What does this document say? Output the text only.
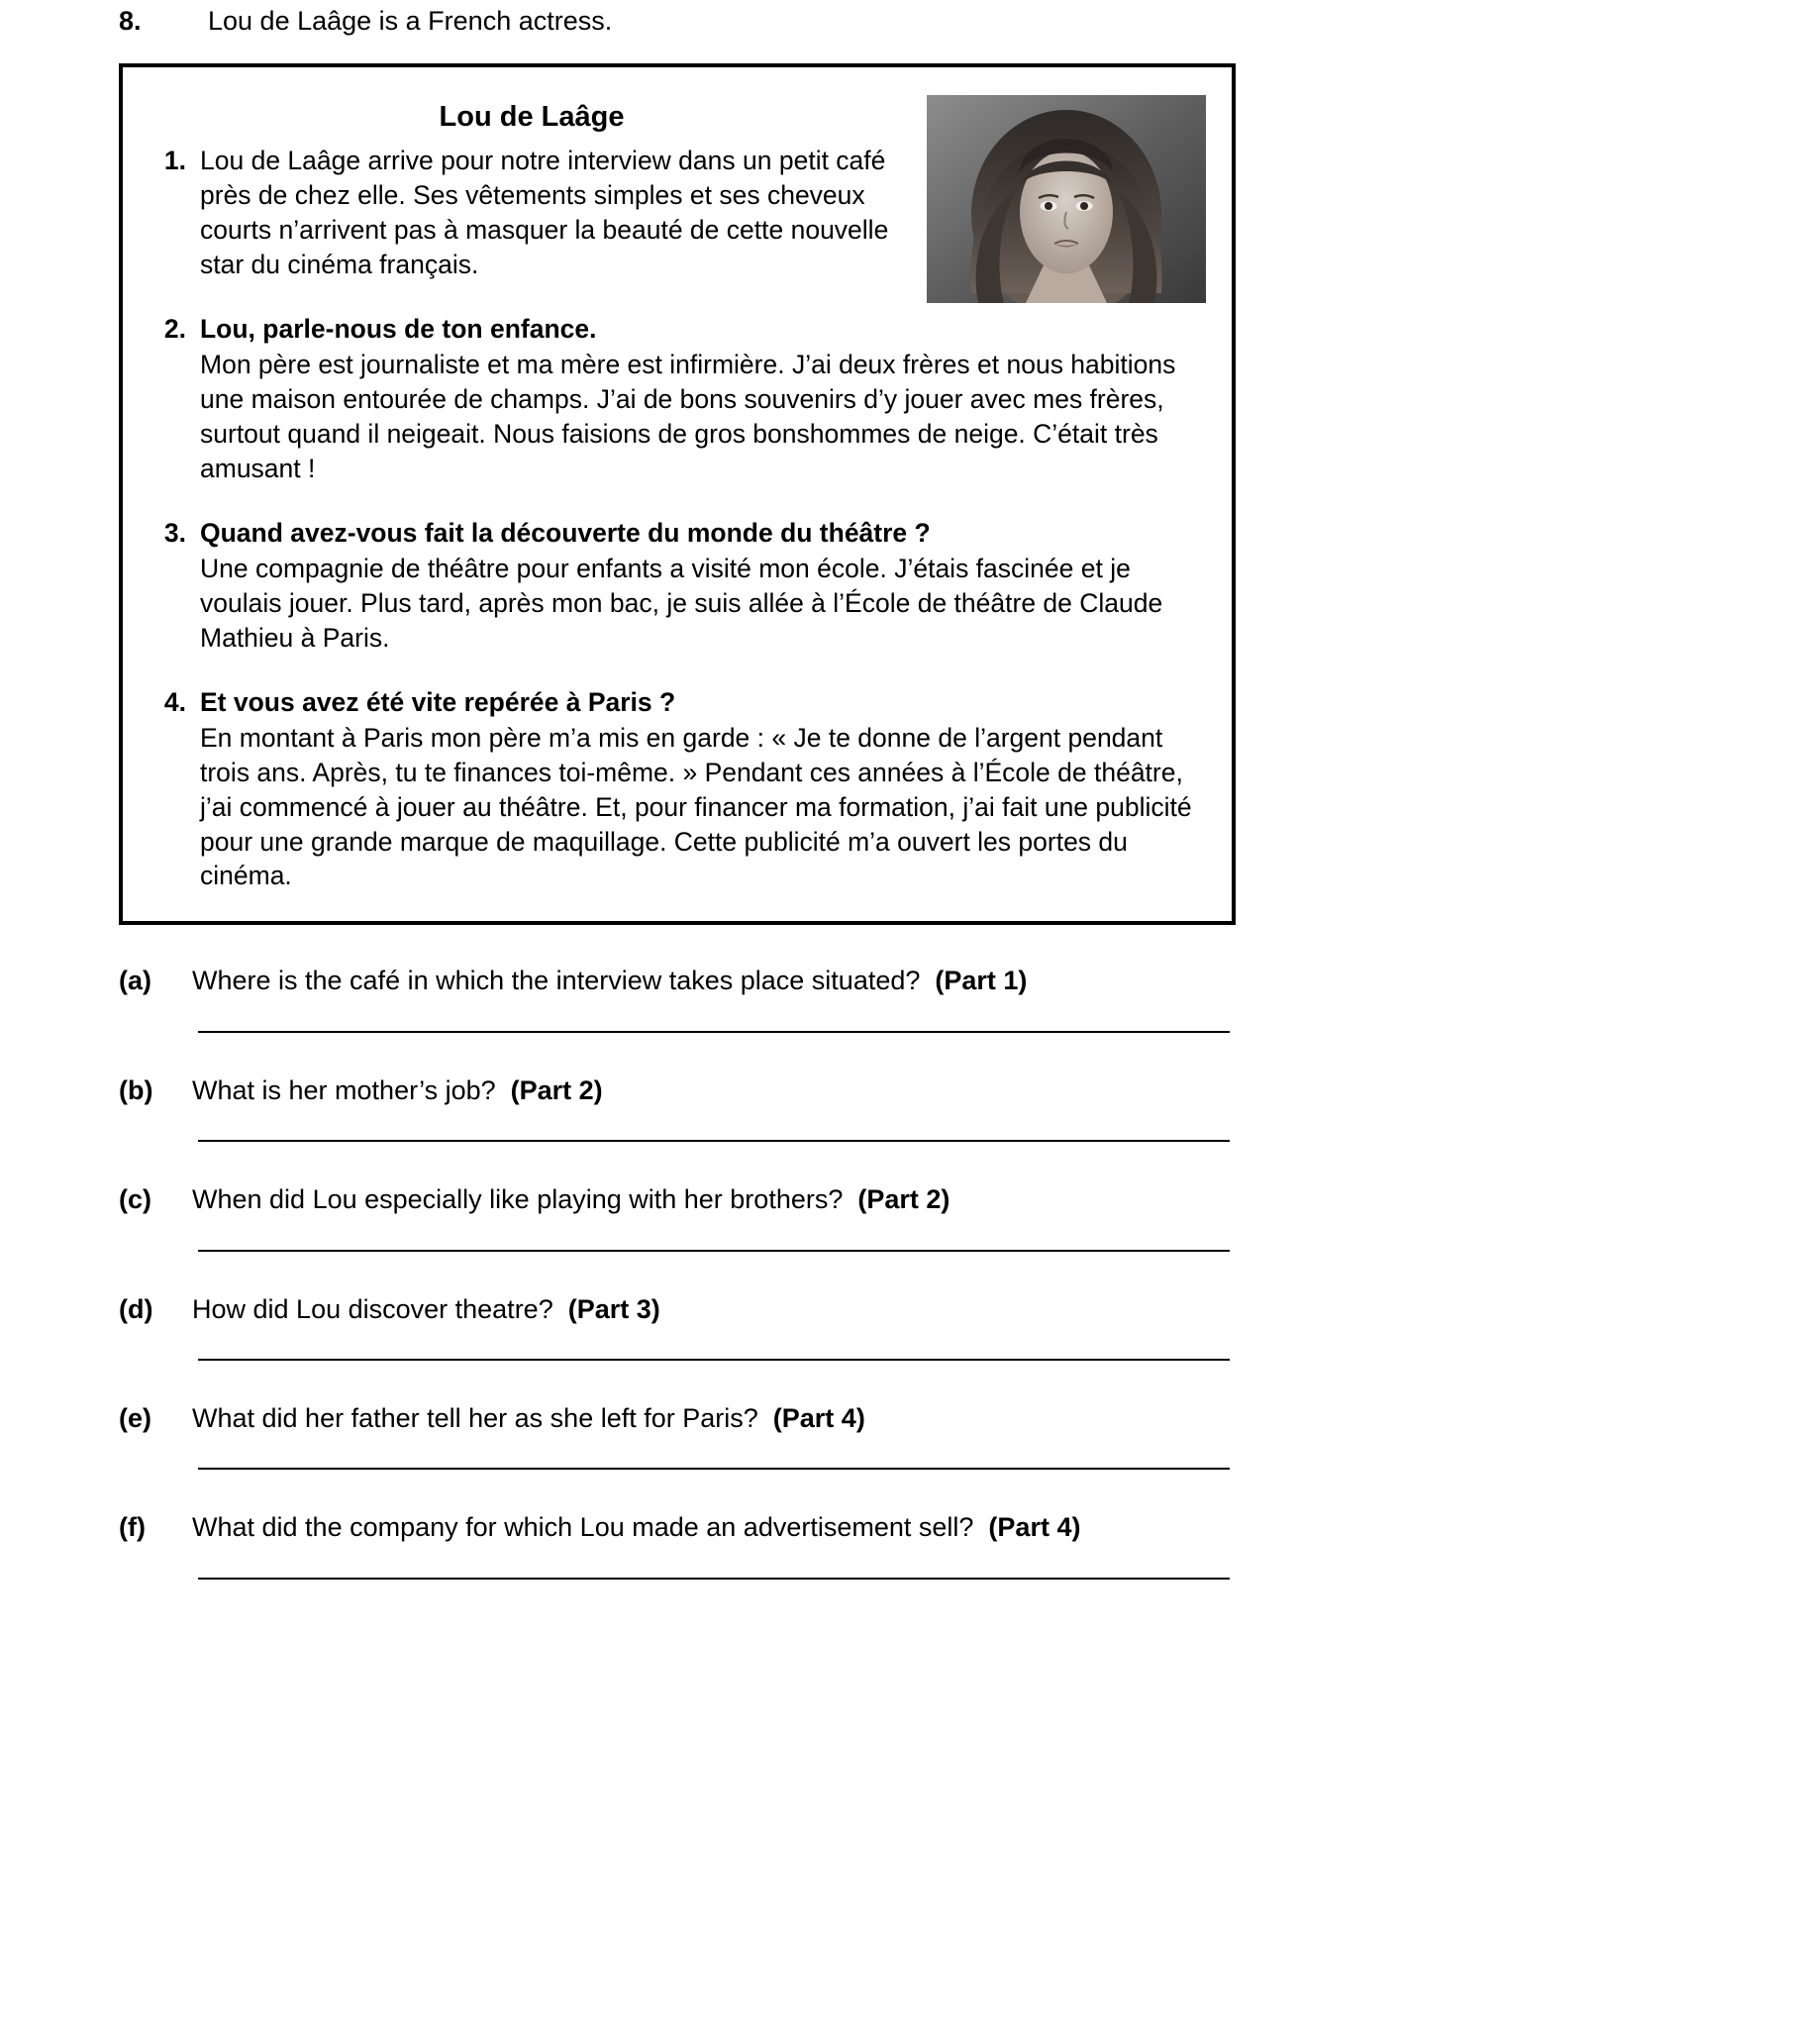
8.	Lou de Laâge is a French actress.
Lou de Laâge
1. Lou de Laâge arrive pour notre interview dans un petit café près de chez elle. Ses vêtements simples et ses cheveux courts n’arrivent pas à masquer la beauté de cette nouvelle star du cinéma français.

2. Lou, parle-nous de ton enfance.

Mon père est journaliste et ma mère est infirmière. J’ai deux frères et nous habitions une maison entourée de champs. J’ai de bons souvenirs d’y jouer avec mes frères, surtout quand il neigeait. Nous faisions de gros bonshommes de neige. C’était très amusant !

3. Quand avez-vous fait la découverte du monde du théâtre ?

Une compagnie de théâtre pour enfants a visité mon école. J’étais fascinée et je voulais jouer. Plus tard, après mon bac, je suis allée à l’École de théâtre de Claude Mathieu à Paris.

4. Et vous avez été vite repérée à Paris ?

En montant à Paris mon père m’a mis en garde : « Je te donne de l’argent pendant trois ans. Après, tu te finances toi-même. » Pendant ces années à l’École de théâtre, j’ai commencé à jouer au théâtre. Et, pour financer ma formation, j’ai fait une publicité pour une grande marque de maquillage. Cette publicité m’a ouvert les portes du cinéma.

(a)	Where is the café in which the interview takes place situated? (Part 1)
(b)	What is her mother’s job? (Part 2)
(c)	When did Lou especially like playing with her brothers? (Part 2)
(d)	How did Lou discover theatre? (Part 3)
(e)	What did her father tell her as she left for Paris? (Part 4)
(f)	What did the company for which Lou made an advertisement sell? (Part 4)
